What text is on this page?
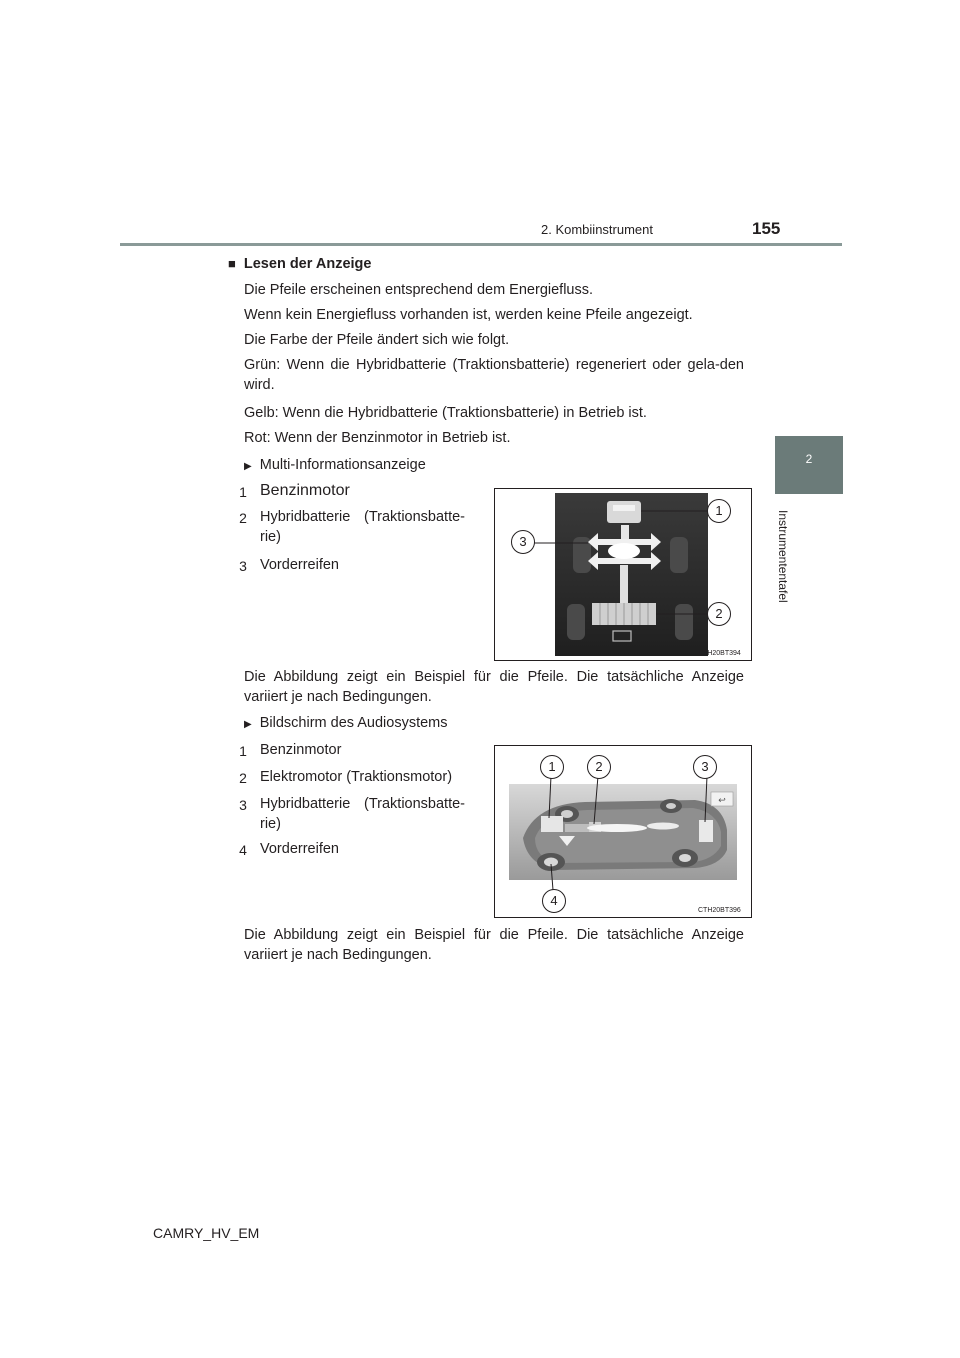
2. Kombiinstrument	155
2
Instrumententafel
■ Lesen der Anzeige
Die Pfeile erscheinen entsprechend dem Energiefluss.
Wenn kein Energiefluss vorhanden ist, werden keine Pfeile angezeigt.
Die Farbe der Pfeile ändert sich wie folgt.
Grün: Wenn die Hybridbatterie (Traktionsbatterie) regeneriert oder gela-den wird.
Gelb: Wenn die Hybridbatterie (Traktionsbatterie) in Betrieb ist.
Rot: Wenn der Benzinmotor in Betrieb ist.
▶ Multi-Informationsanzeige
1 Benzinmotor
2 Hybridbatterie (Traktionsbatte-rie)
3 Vorderreifen
1
3
2
CTH20BT394
Die Abbildung zeigt ein Beispiel für die Pfeile. Die tatsächliche Anzeige variiert je nach Bedingungen.
▶ Bildschirm des Audiosystems
1 Benzinmotor
2 Elektromotor (Traktionsmotor)
3 Hybridbatterie (Traktionsbatte-rie)
4 Vorderreifen
↩
1	2	3
4
CTH20BT396
Die Abbildung zeigt ein Beispiel für die Pfeile. Die tatsächliche Anzeige variiert je nach Bedingungen.
CAMRY_HV_EM
